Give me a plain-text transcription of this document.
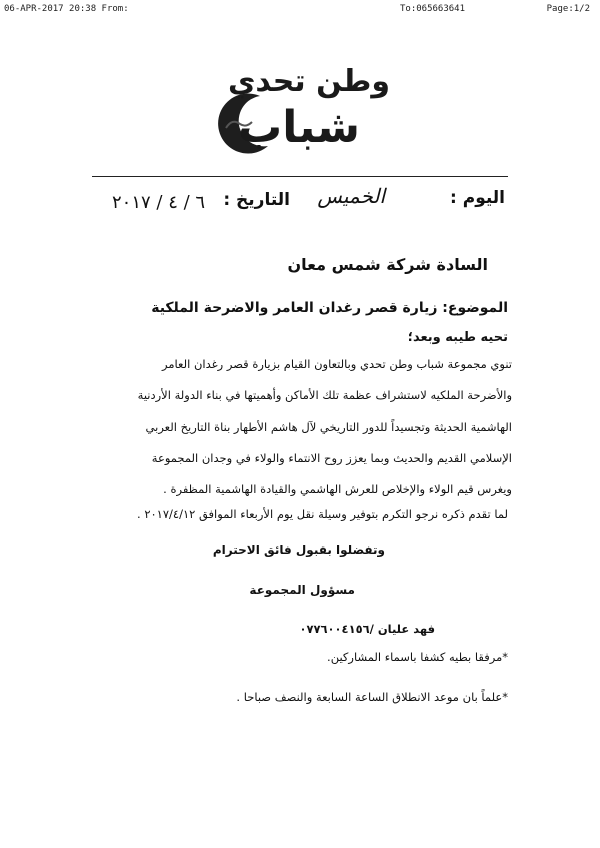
06-APR-2017 20:38 From:	To:065663641	Page:1/2
وطن تحدي
شباب
اليوم :
الخميس
التاريخ :
٦ / ٤ / ٢٠١٧
السادة شركة شمس معان
الموضوع: زيارة قصر رغدان العامر والاضرحة الملكية
تحيه طيبه وبعد؛
تنوي مجموعة شباب وطن تحدي وبالتعاون القيام بزيارة قصر رغدان العامر
والأضرحة الملكيه لاستشراف عظمة تلك الأماكن وأهميتها في بناء الدولة الأردنية
الهاشمية الحديثة وتجسيداً للدور التاريخي لآل هاشم الأطهار بناة التاريخ العربي
الإسلامي القديم والحديث وبما يعزز روح الانتماء والولاء في وجدان المجموعة
ويغرس قيم الولاء والإخلاص للعرش الهاشمي والقيادة الهاشمية المظفرة .
لما تقدم ذكره نرجو التكرم بتوفير وسيلة نقل يوم الأربعاء الموافق ٢٠١٧/٤/١٢ .
وتفضلوا بقبول فائق الاحترام
مسؤول المجموعة
فهد عليان /٠٧٧٦٠٠٤١٥٦
*مرفقا بطيه كشفا باسماء المشاركين.
*علماً بان موعد الانطلاق الساعة السابعة والنصف صباحا .
